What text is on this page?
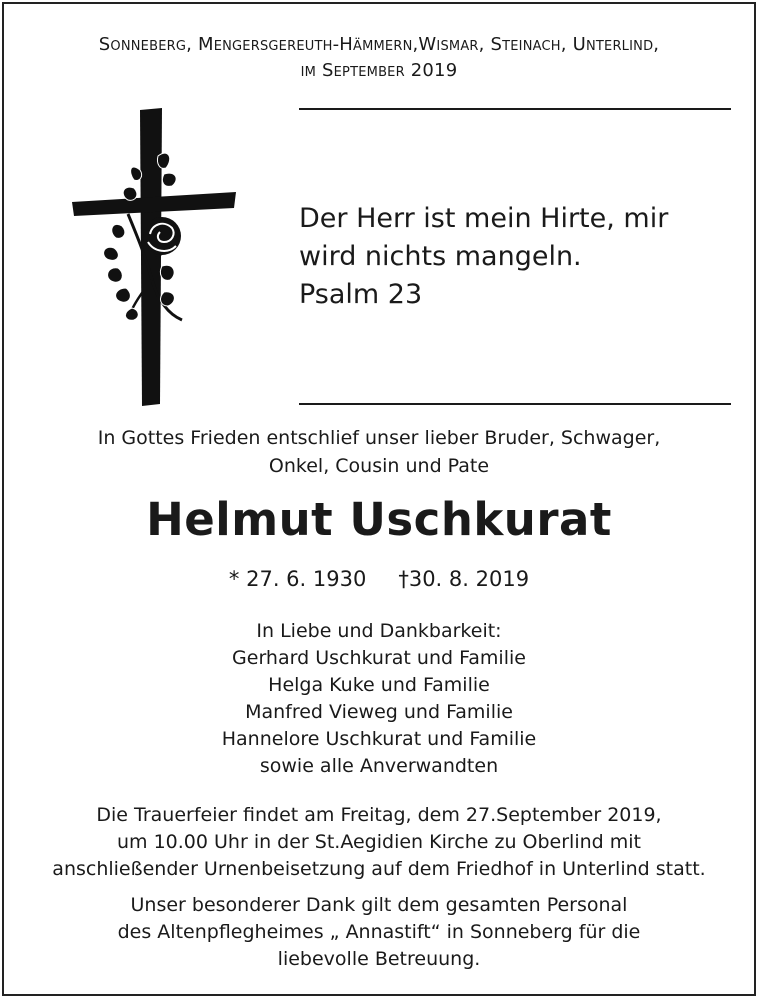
Sonneberg, Mengersgereuth-Hämmern,Wismar, Steinach, Unterlind,
im September 2019
Der Herr ist mein Hirte, mir
wird nichts mangeln.
Psalm 23
In Gottes Frieden entschlief unser lieber Bruder, Schwager,
Onkel, Cousin und Pate
Helmut Uschkurat
* 27. 6. 1930 †30. 8. 2019
In Liebe und Dankbarkeit:
Gerhard Uschkurat und Familie
Helga Kuke und Familie
Manfred Vieweg und Familie
Hannelore Uschkurat und Familie
sowie alle Anverwandten
Die Trauerfeier findet am Freitag, dem 27.September 2019,
um 10.00 Uhr in der St.Aegidien Kirche zu Oberlind mit
anschließender Urnenbeisetzung auf dem Friedhof in Unterlind statt.
Unser besonderer Dank gilt dem gesamten Personal
des Altenpflegheimes „ Annastift“ in Sonneberg für die
liebevolle Betreuung.
